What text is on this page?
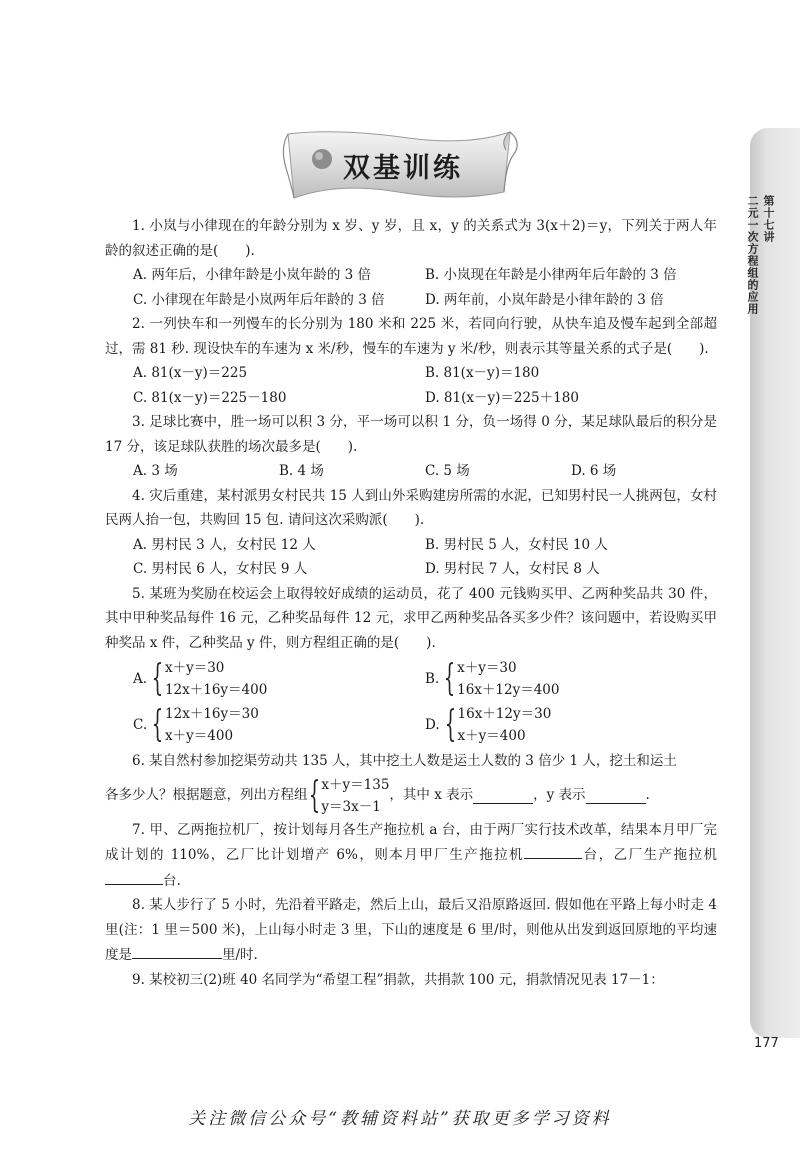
第十七讲
二元一次方程组的应用
177
双基训练

1. 小岚与小律现在的年龄分别为 x 岁、y 岁，且 x，y 的关系式为 3(x＋2)＝y，下列关于两人年龄的叙述正确的是(　　).

A. 两年后，小律年龄是小岚年龄的 3 倍	B. 小岚现在年龄是小律两年后年龄的 3 倍
C. 小律现在年龄是小岚两年后年龄的 3 倍	D. 两年前，小岚年龄是小律年龄的 3 倍

2. 一列快车和一列慢车的长分别为 180 米和 225 米，若同向行驶，从快车追及慢车起到全部超过，需 81 秒. 现设快车的车速为 x 米/秒，慢车的车速为 y 米/秒，则表示其等量关系的式子是(　　).

A. 81(x－y)＝225	B. 81(x－y)＝180
C. 81(x－y)＝225－180	D. 81(x－y)＝225＋180

3. 足球比赛中，胜一场可以积 3 分，平一场可以积 1 分，负一场得 0 分，某足球队最后的积分是 17 分，该足球队获胜的场次最多是(　　).

A. 3 场	B. 4 场	C. 5 场	D. 6 场

4. 灾后重建，某村派男女村民共 15 人到山外采购建房所需的水泥，已知男村民一人挑两包，女村民两人抬一包，共购回 15 包. 请问这次采购派(　　).

A. 男村民 3 人，女村民 12 人	B. 男村民 5 人，女村民 10 人
C. 男村民 6 人，女村民 9 人	D. 男村民 7 人，女村民 8 人

5. 某班为奖励在校运会上取得较好成绩的运动员，花了 400 元钱购买甲、乙两种奖品共 30 件，其中甲种奖品每件 16 元，乙种奖品每件 12 元，求甲乙两种奖品各买多少件？该问题中，若设购买甲种奖品 x 件，乙种奖品 y 件，则方程组正确的是(　　).

A. { x＋y＝30
12x＋16y＝400
B. { x＋y＝30
16x＋12y＝400
C. { 12x＋16y＝30
x＋y＝400
D. { 16x＋12y＝30
x＋y＝400

6. 某自然村参加挖渠劳动共 135 人，其中挖土人数是运土人数的 3 倍少 1 人，挖土和运土

各多少人？根据题意，列出方程组 { x＋y＝135
y＝3x－1
，其中 x 表示	，y 表示	.

7. 甲、乙两拖拉机厂，按计划每月各生产拖拉机 a 台，由于两厂实行技术改革，结果本月甲厂完成计划的 110%，乙厂比计划增产 6%，则本月甲厂生产拖拉机	台，乙厂生产拖拉机台.

8. 某人步行了 5 小时，先沿着平路走，然后上山，最后又沿原路返回. 假如他在平路上每小时走 4 里(注：1 里＝500 米)，上山每小时走 3 里，下山的速度是 6 里/时，则他从出发到返回原地的平均速度是	里/时.

9. 某校初三(2)班 40 名同学为“希望工程”捐款，共捐款 100 元，捐款情况见表 17－1：

关注微信公众号“教辅资料站”获取更多学习资料
